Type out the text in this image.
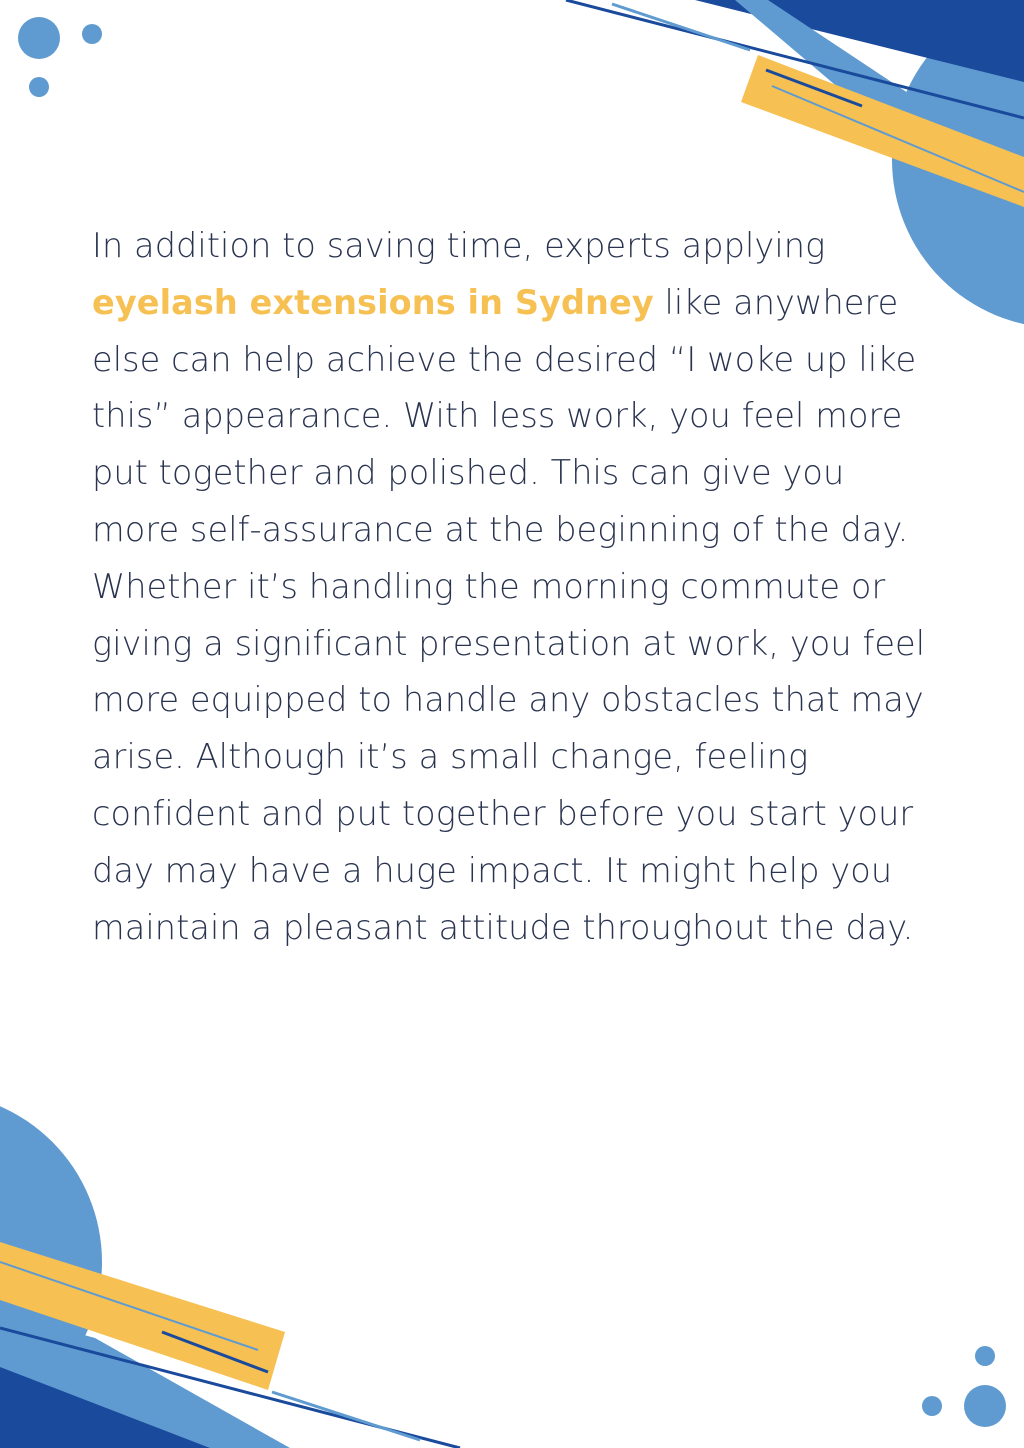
In addition to saving time, experts applying eyelash extensions in Sydney like anywhere else can help achieve the desired “I woke up like this” appearance. With less work, you feel more put together and polished. This can give you more self-assurance at the beginning of the day. Whether it’s handling the morning commute or giving a significant presentation at work, you feel more equipped to handle any obstacles that may arise. Although it’s a small change, feeling confident and put together before you start your day may have a huge impact. It might help you maintain a pleasant attitude throughout the day.
